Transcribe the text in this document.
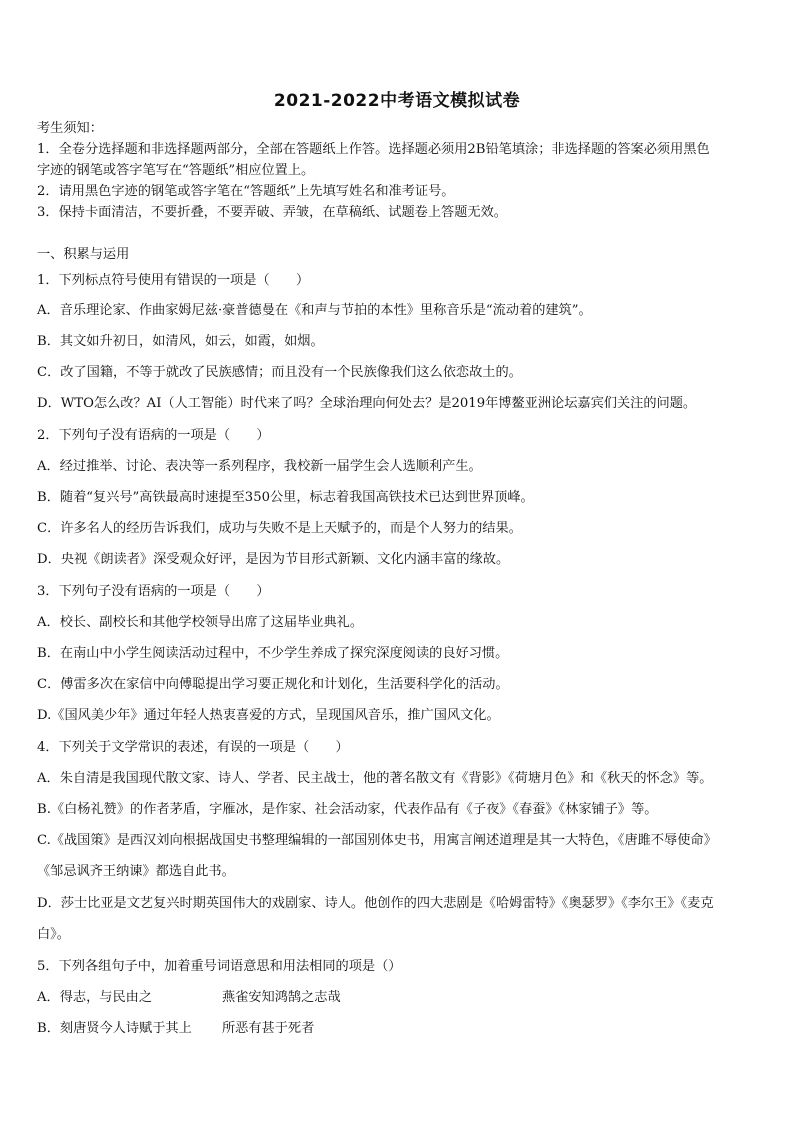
2021-2022中考语文模拟试卷
考生须知：
1．全卷分选择题和非选择题两部分，全部在答题纸上作答。选择题必须用2B铅笔填涂；非选择题的答案必须用黑色
字迹的钢笔或答字笔写在“答题纸”相应位置上。
2．请用黑色字迹的钢笔或答字笔在“答题纸”上先填写姓名和准考证号。
3．保持卡面清洁，不要折叠，不要弄破、弄皱，在草稿纸、试题卷上答题无效。
一、积累与运用
1．下列标点符号使用有错误的一项是（　　）
A．音乐理论家、作曲家姆尼兹·豪普德曼在《和声与节拍的本性》里称音乐是“流动着的建筑”。
B．其文如升初日，如清风，如云，如霞，如烟。
C．改了国籍，不等于就改了民族感情；而且没有一个民族像我们这么依恋故土的。
D．WTO怎么改？AI（人工智能）时代来了吗？全球治理向何处去？是2019年博鳌亚洲论坛嘉宾们关注的问题。
2．下列句子没有语病的一项是（　　）
A．经过推举、讨论、表决等一系列程序，我校新一届学生会人选顺利产生。
B．随着“复兴号”高铁最高时速提至350公里，标志着我国高铁技术已达到世界顶峰。
C．许多名人的经历告诉我们，成功与失败不是上天赋予的，而是个人努力的结果。
D．央视《朗读者》深受观众好评，是因为节目形式新颖、文化内涵丰富的缘故。
3．下列句子没有语病的一项是（　　）
A．校长、副校长和其他学校领导出席了这届毕业典礼。
B．在南山中小学生阅读活动过程中，不少学生养成了探究深度阅读的良好习惯。
C．傅雷多次在家信中向傅聪提出学习要正规化和计划化，生活要科学化的活动。
D.《国风美少年》通过年轻人热衷喜爱的方式，呈现国风音乐，推广国风文化。
4．下列关于文学常识的表述，有误的一项是（　　）
A．朱自清是我国现代散文家、诗人、学者、民主战士，他的著名散文有《背影》《荷塘月色》和《秋天的怀念》等。
B.《白杨礼赞》的作者茅盾，字雁冰，是作家、社会活动家，代表作品有《子夜》《春蚕》《林家铺子》等。
C.《战国策》是西汉刘向根据战国史书整理编辑的一部国别体史书，用寓言阐述道理是其一大特色，《唐雎不辱使命》
《邹忌讽齐王纳谏》都选自此书。
D．莎士比亚是文艺复兴时期英国伟大的戏剧家、诗人。他创作的四大悲剧是《哈姆雷特》《奥瑟罗》《李尔王》《麦克
白》。
5．下列各组句子中，加着重号词语意思和用法相同的项是（）
A．得志，与民由之	燕雀安知鸿鹄之志哉
B．刻唐贤今人诗赋于其上 所恶有甚于死者
